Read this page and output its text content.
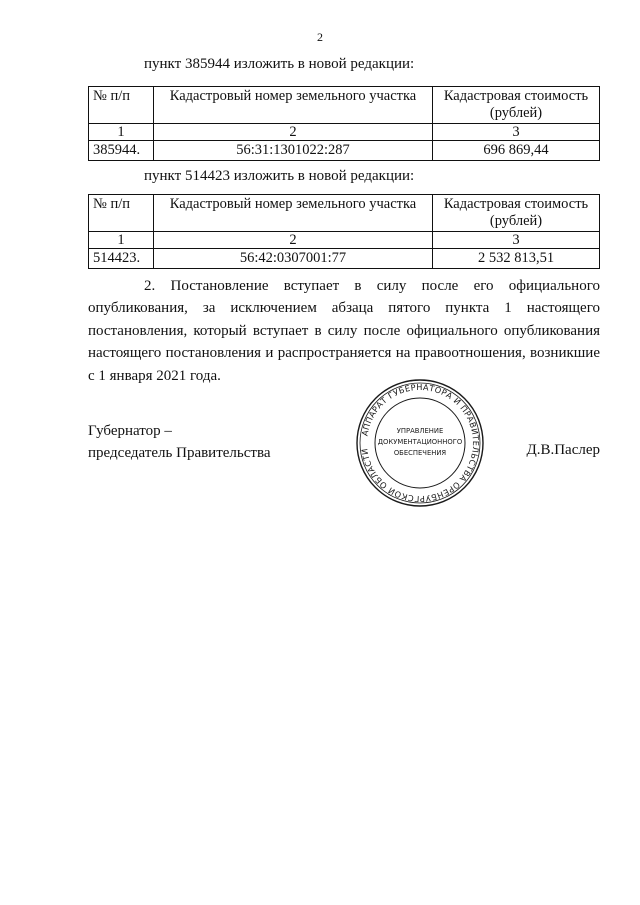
2
пункт 385944 изложить в новой редакции:
№ п/п	Кадастровый номер земельного участка	Кадастровая стоимость
(рублей)

1	2	3
385944.	56:31:1301022:287	696 869,44
пункт 514423 изложить в новой редакции:
№ п/п	Кадастровый номер земельного участка	Кадастровая стоимость
(рублей)

1	2	3
514423.	56:42:0307001:77	2 532 813,51
2. Постановление вступает в силу после его официального опубликования, за исключением абзаца пятого пункта 1 настоящего постановления, который вступает в силу после официального опубликования настоящего постановления и распространяется на правоотношения, возникшие с 1 января 2021 года.
Губернатор –
председатель Правительства
АППАРАТ ГУБЕРНАТОРА И ПРАВИТЕЛЬСТВА ОРЕНБУРГСКОЙ ОБЛАСТИ
УПРАВЛЕНИЕ
ДОКУМЕНТАЦИОННОГО
ОБЕСПЕЧЕНИЯ	Д.В.Паслер
